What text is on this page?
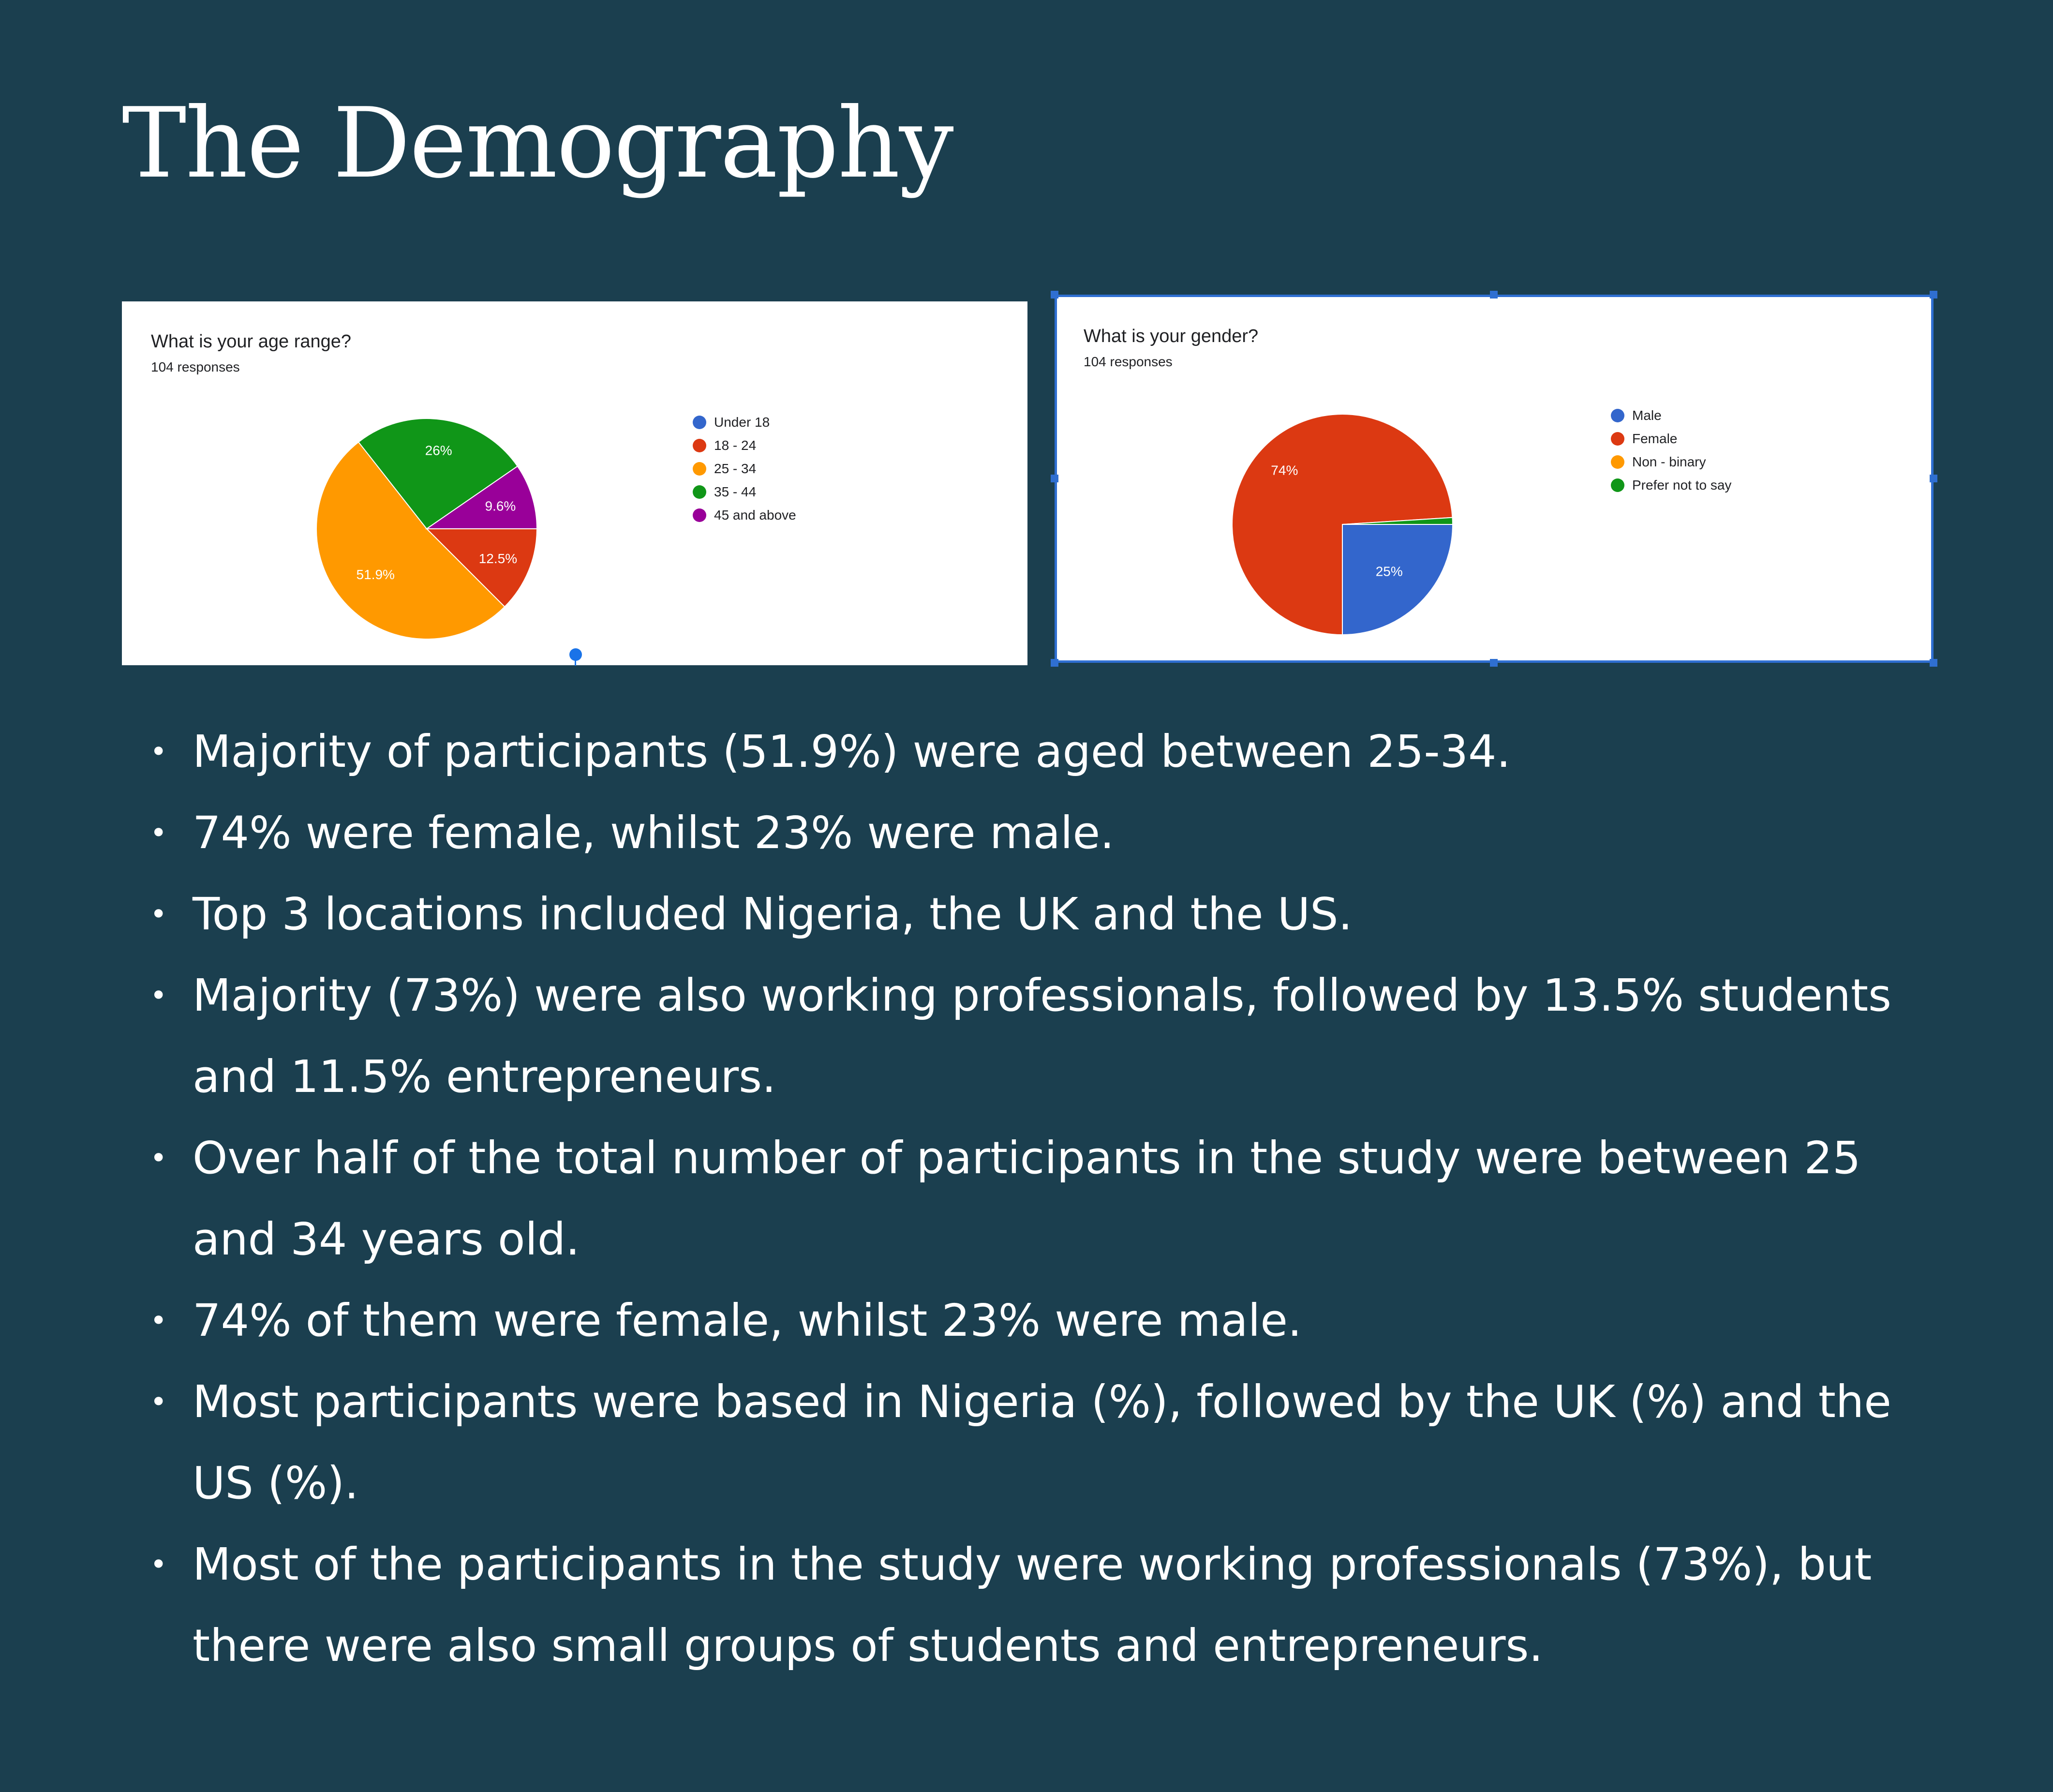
The Demography
What is your age range?
104 responses
12.5%
51.9%
26%
9.6%
Under 18
18 - 24
25 - 34
35 - 44
45 and above
What is your gender?
104 responses
25%
74%
Male
Female
Non - binary
Prefer not to say
• Majority of participants (51.9%) were aged between 25-34.
• 74% were female, whilst 23% were male.
• Top 3 locations included Nigeria, the UK and the US.
• Majority (73%) were also working professionals, followed by 13.5% students and 11.5% entrepreneurs.
• Over half of the total number of participants in the study were between 25 and 34 years old.
• 74% of them were female, whilst 23% were male.
• Most participants were based in Nigeria (%), followed by the UK (%) and the US (%).
• Most of the participants in the study were working professionals (73%), but there were also small groups of students and entrepreneurs.
